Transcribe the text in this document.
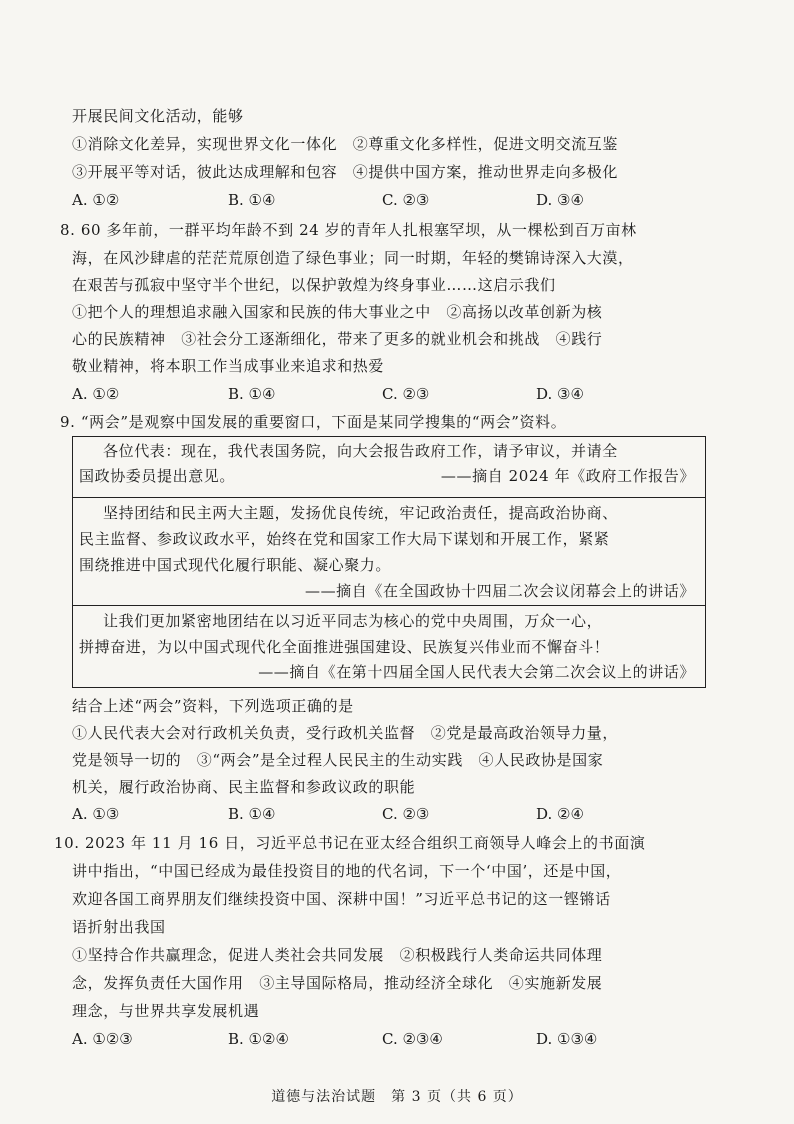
开展民间文化活动，能够
①消除文化差异，实现世界文化一体化　②尊重文化多样性，促进文明交流互鉴
③开展平等对话，彼此达成理解和包容　④提供中国方案，推动世界走向多极化
A. ①②	B. ①④	C. ②③	D. ③④
8. 60 多年前，一群平均年龄不到 24 岁的青年人扎根塞罕坝，从一棵松到百万亩林
海，在风沙肆虐的茫茫荒原创造了绿色事业；同一时期，年轻的樊锦诗深入大漠，
在艰苦与孤寂中坚守半个世纪，以保护敦煌为终身事业……这启示我们
①把个人的理想追求融入国家和民族的伟大事业之中　②高扬以改革创新为核
心的民族精神　③社会分工逐渐细化，带来了更多的就业机会和挑战　④践行
敬业精神，将本职工作当成事业来追求和热爱
A. ①②	B. ①④	C. ②③	D. ③④
9. “两会”是观察中国发展的重要窗口，下面是某同学搜集的“两会”资料。
各位代表：现在，我代表国务院，向大会报告政府工作，请予审议，并请全
国政协委员提出意见。	——摘自 2024 年《政府工作报告》
坚持团结和民主两大主题，发扬优良传统，牢记政治责任，提高政治协商、
民主监督、参政议政水平，始终在党和国家工作大局下谋划和开展工作，紧紧
围绕推进中国式现代化履行职能、凝心聚力。
——摘自《在全国政协十四届二次会议闭幕会上的讲话》
让我们更加紧密地团结在以习近平同志为核心的党中央周围，万众一心，
拼搏奋进，为以中国式现代化全面推进强国建设、民族复兴伟业而不懈奋斗！
——摘自《在第十四届全国人民代表大会第二次会议上的讲话》
结合上述“两会”资料，下列选项正确的是
①人民代表大会对行政机关负责，受行政机关监督　②党是最高政治领导力量，
党是领导一切的　③“两会”是全过程人民民主的生动实践　④人民政协是国家
机关，履行政治协商、民主监督和参政议政的职能
A. ①③	B. ①④	C. ②③	D. ②④
10. 2023 年 11 月 16 日，习近平总书记在亚太经合组织工商领导人峰会上的书面演
讲中指出，“中国已经成为最佳投资目的地的代名词，下一个‘中国’，还是中国，
欢迎各国工商界朋友们继续投资中国、深耕中国！”习近平总书记的这一铿锵话
语折射出我国
①坚持合作共赢理念，促进人类社会共同发展　②积极践行人类命运共同体理
念，发挥负责任大国作用　③主导国际格局，推动经济全球化　④实施新发展
理念，与世界共享发展机遇
A. ①②③	B. ①②④	C. ②③④	D. ①③④
道德与法治试题　第 3 页（共 6 页）
